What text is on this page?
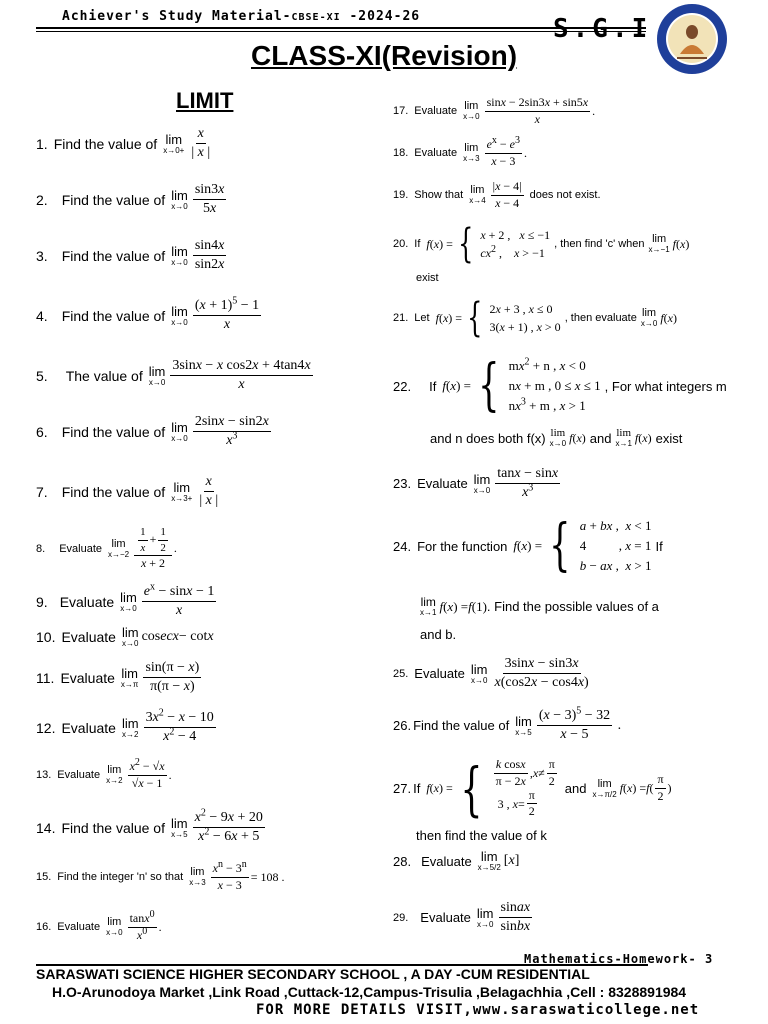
Achiever's Study Material-CBSE-XI -2024-26	S.G.I
CLASS-XI(Revision)
LIMIT
1. Find the value of lim
$x\to 0+ \frac{x}{| x |}$
2. Find the value of lim
$x\to 0 \frac{\sin 3x}{5x}$
3. Find the value of lim
$x\to 0 \frac{\sin 4x}{\sin 2x}$
4. Find the value of lim
$x\to 0 \frac{(x + 1)^5 - 1}{x}$
5. The value of lim
$x\to 0 \frac{\text{3sinx − x cos2x + 4tan4x}}{x}$
6. Find the value of lim
$x\to 0 \frac{2\sin x - \sin 2x}{x^3}$
7. Find the value of lim
$x\to 3+ \frac{x}{| x |}$
8. Evaluate lim
$x\to-2 \frac{\frac{1}{x} + \frac{1}{2}}{x + 2}$ .
9. Evaluate lim
$x\to 0 \frac{e^x - \sin x - 1}{x}$
10. Evaluate lim
x→0 cos ecx − cot x
11. Evaluate lim
$x\to\pi \frac{\sin(\pi - x)}{\pi(\pi - x)}$
12. Evaluate lim
$x\to 2 \frac{3x^2 - x - 10}{x^2 - 4}$
13. Evaluate lim
$x\to 2 \frac{x^2 - √x}{√x - 1}$ .
14. Find the value of lim
$x\to 5 \frac{x^2 - 9x + 20}{x^2 - 6x + 5}$
15. Find the integer 'n' so that lim
$x\to 3 \frac{x^n - 3^n}{x - 3} = 108$ .
16. Evaluate lim
$x\to 0 \frac{\tan x^0}{x^0}$ .
17. Evaluate lim
$x\to 0 \frac{\sin x - 2\sin 3x + \sin 5x}{x}$ .
18. Evaluate lim
$x\to 3 \frac{e^x - e^3}{x - 3}$ .
19. Show that lim
$x\to 4 \frac{|x - 4|}{x - 4}$ does not exist.
20. If f ( x ) = { x + 2 ,   x ≤ −1
$cx^2$ ,    x > −1
, then find 'c' when lim
x→−1 f ( x )
exist
21. Let f ( x ) = { 2x + 3 , x ≤ 0
3(x + 1) , x > 0
, then evaluate lim
x→0 f ( x )
22. If f ( x ) = { $mx^2 + n$ , x < 0
nx + m , 0 ≤ x ≤ 1
$nx^3 + m$ , x > 1
, For what integers m
and n does both f(x) lim
x→0 f ( x ) and lim
x→1 f ( x ) exist
23. Evaluate lim
$x\to 0 \frac{\tan x - \sin x}{x^3}$
24. For the function f ( x ) = { a + bx ,  x < 1
4          , x = 1
b − ax ,  x > 1
If
lim
x→1 f ( x ) = f (1) . Find the possible values of a
and b.
25. Evaluate lim
$x\to 0 \frac{3\sin x - \sin 3x}{x(\cos 2x - \cos 4x)}$
26. Find the value of lim
$x\to 5 \frac{(x - 3)^5 - 32}{x - 5}$ .
27. If f ( x ) = { $\frac{\text{k cosx}}{\pi - 2x}$ , $x \ne \frac{\pi}{2}$
3 , $x = \frac{\pi}{2}$ and lim
x→π/2 f ( x ) = f ( $\frac{\pi}{2}$ )
then find the value of k
28. Evaluate lim
x→5/2 [ x ]
29. Evaluate lim
$x\to 0 \frac{\text{sinax}}{\text{sinbx}}$
Mathematics-Homework- 3
SARASWATI SCIENCE HIGHER SECONDARY SCHOOL , A DAY -CUM RESIDENTIAL
H.O-Arunodoya Market ,Link Road ,Cuttack-12,Campus-Trisulia ,Belagachhia ,Cell : 8328891984
FOR MORE DETAILS VISIT,www.saraswaticollege.net
